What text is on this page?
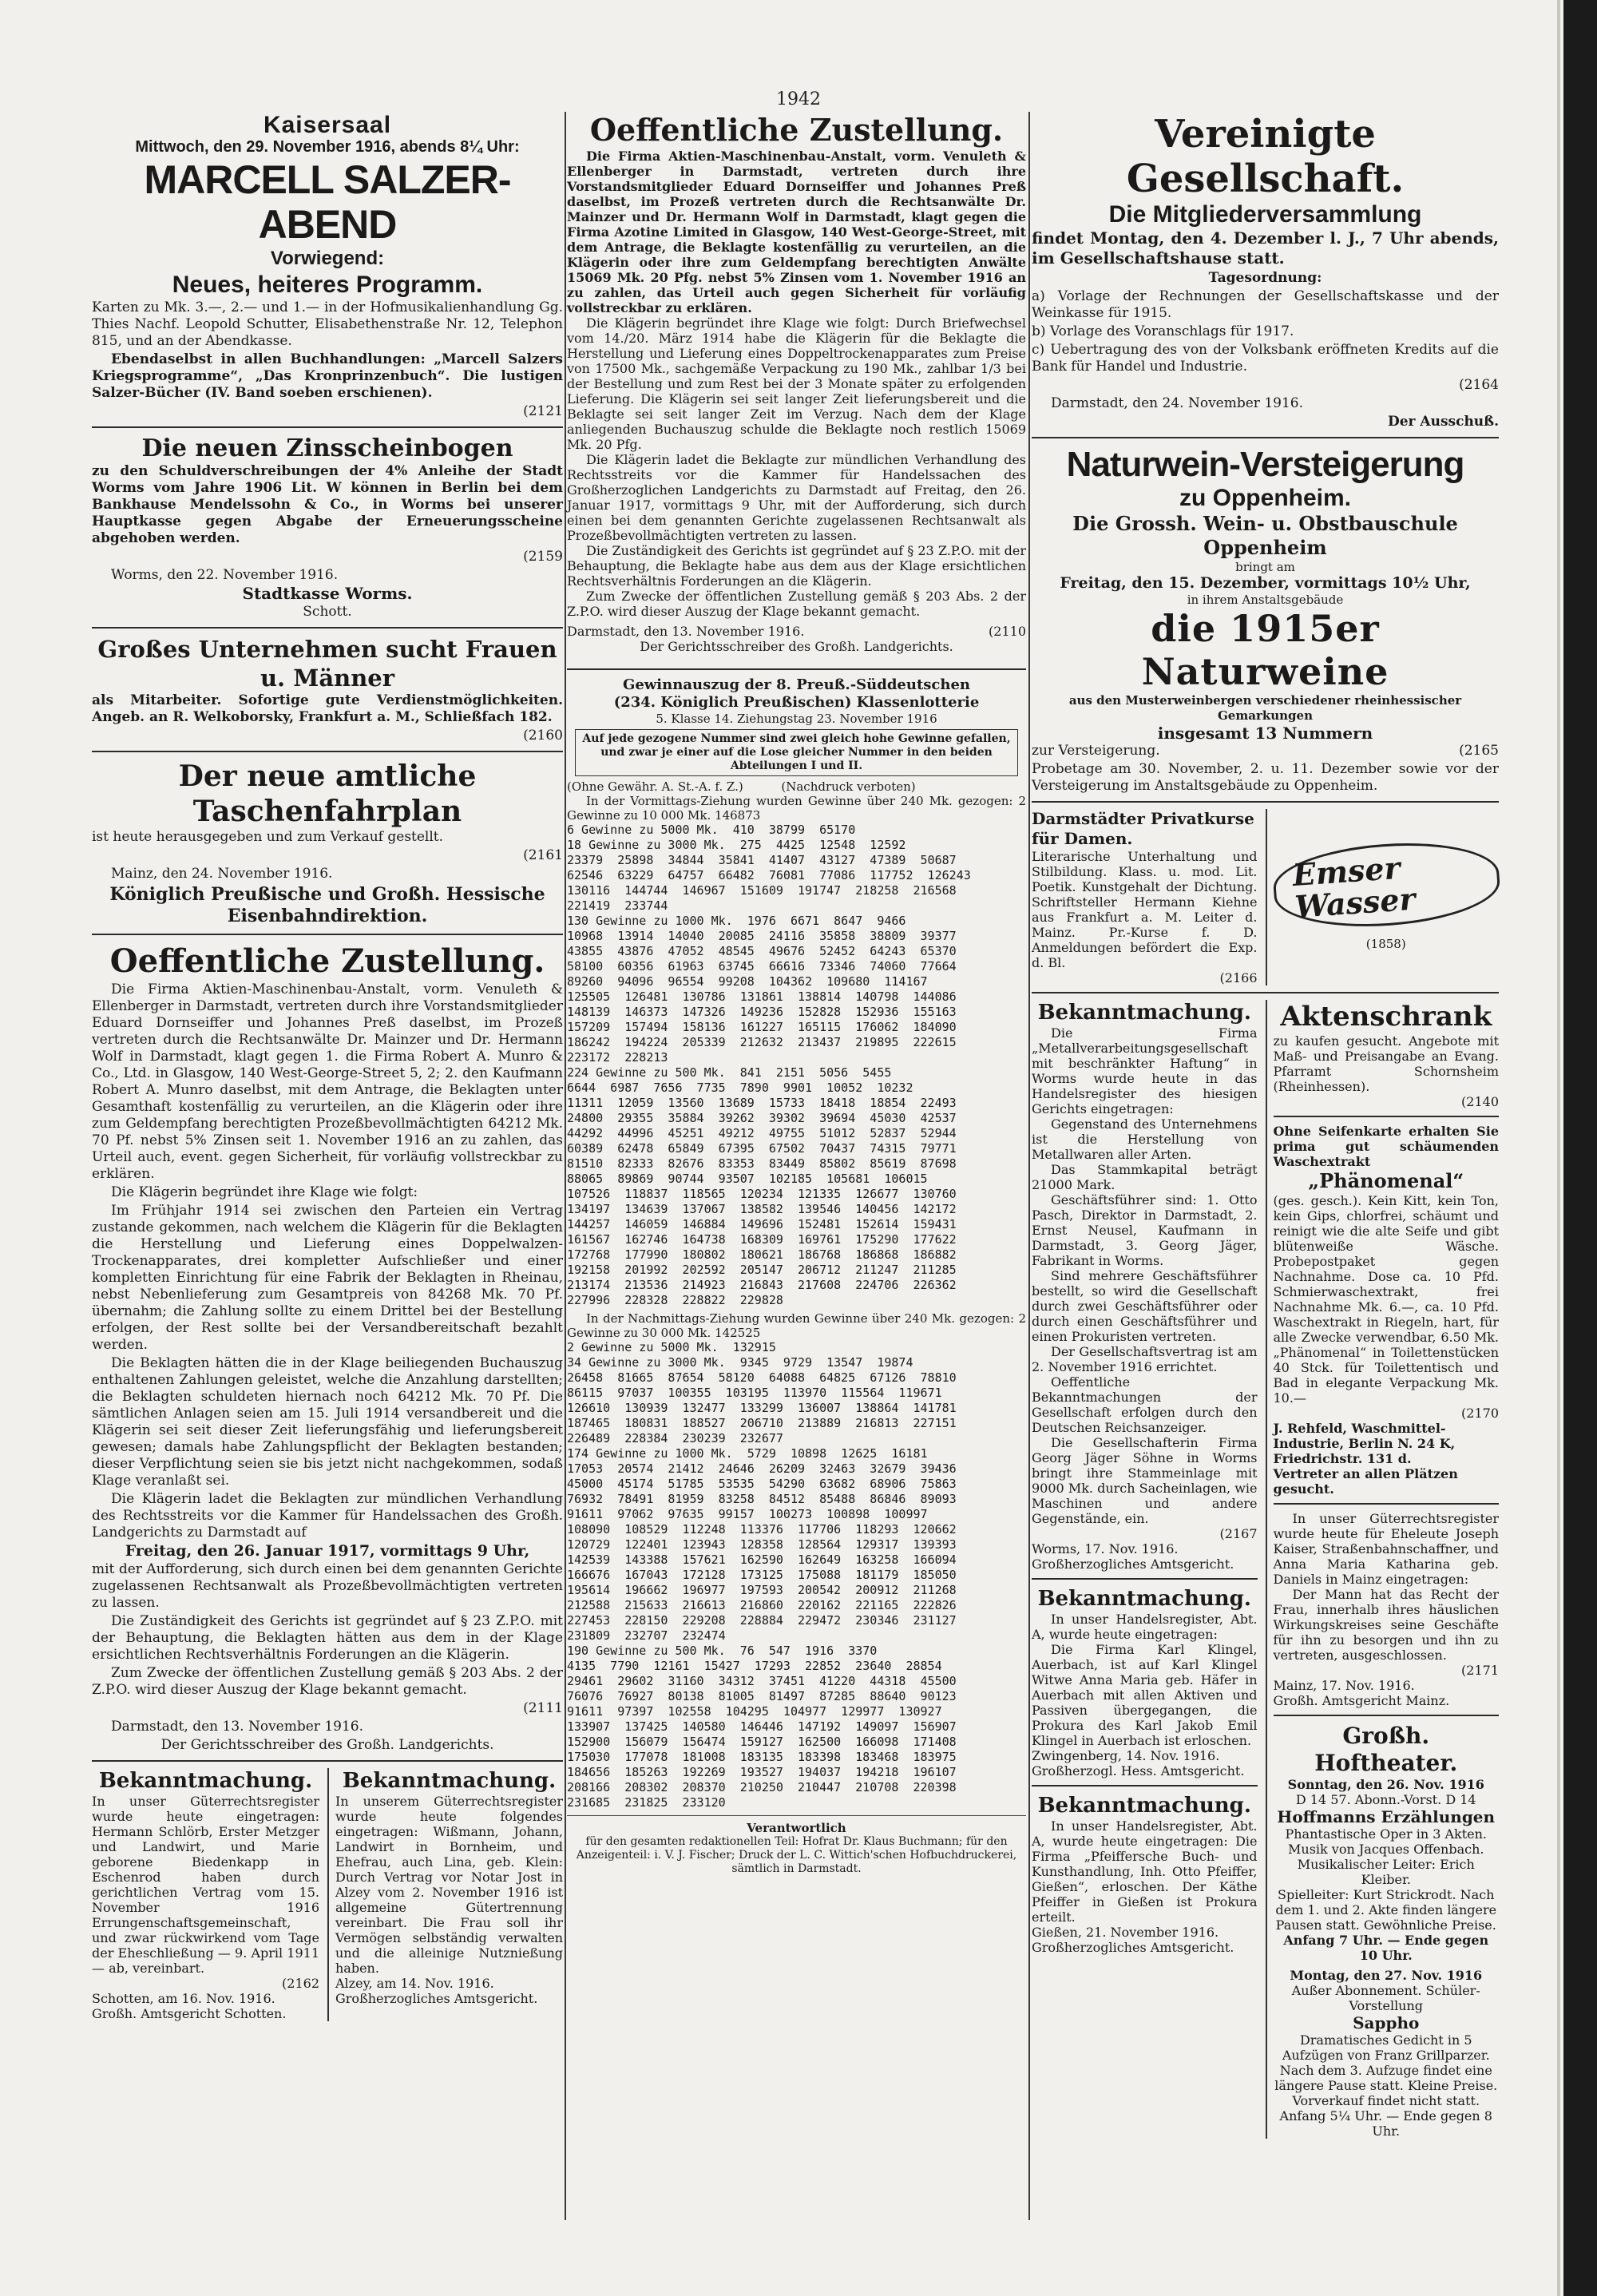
1942
Kaisersaal
Mittwoch, den 29. November 1916, abends 8¼ Uhr:
MARCELL SALZER-ABEND
Vorwiegend:
Neues, heiteres Programm.

Karten zu Mk. 3.—, 2.— und 1.— in der Hofmusikalienhandlung Gg. Thies Nachf. Leopold Schutter, Elisabethenstraße Nr. 12, Telephon 815, und an der Abendkasse.

Ebendaselbst in allen Buchhandlungen: „Marcell Salzers Kriegsprogramme“, „Das Kronprinzenbuch“. Die lustigen Salzer-Bücher (IV. Band soeben erschienen).

(2121
Die neuen Zinsscheinbogen

zu den Schuldverschreibungen der 4% Anleihe der Stadt Worms vom Jahre 1906 Lit. W können in Berlin bei dem Bankhause Mendelssohn & Co., in Worms bei unserer Hauptkasse gegen Abgabe der Erneuerungsscheine abgehoben werden.

(2159
Worms, den 22. November 1916.
Stadtkasse Worms.
Schott.
Großes Unternehmen sucht Frauen u. Männer

als Mitarbeiter. Sofortige gute Verdienstmöglichkeiten. Angeb. an R. Welkoborsky, Frankfurt a. M., Schließfach 182.

(2160
Der neue amtliche Taschenfahrplan

ist heute herausgegeben und zum Verkauf gestellt.

(2161
Mainz, den 24. November 1916.
Königlich Preußische und Großh. Hessische Eisenbahndirektion.
Oeffentliche Zustellung.

Die Firma Aktien-Maschinenbau-Anstalt, vorm. Venuleth & Ellenberger in Darmstadt, vertreten durch ihre Vorstandsmitglieder Eduard Dornseiffer und Johannes Preß daselbst, im Prozeß vertreten durch die Rechtsanwälte Dr. Mainzer und Dr. Hermann Wolf in Darmstadt, klagt gegen 1. die Firma Robert A. Munro & Co., Ltd. in Glasgow, 140 West-George-Street 5, 2; 2. den Kaufmann Robert A. Munro daselbst, mit dem Antrage, die Beklagten unter Gesamthaft kostenfällig zu verurteilen, an die Klägerin oder ihre zum Geldempfang berechtigten Prozeßbevollmächtigten 64212 Mk. 70 Pf. nebst 5% Zinsen seit 1. November 1916 an zu zahlen, das Urteil auch, event. gegen Sicherheit, für vorläufig vollstreckbar zu erklären.

Die Klägerin begründet ihre Klage wie folgt:

Im Frühjahr 1914 sei zwischen den Parteien ein Vertrag zustande gekommen, nach welchem die Klägerin für die Beklagten die Herstellung und Lieferung eines Doppelwalzen-Trockenapparates, drei kompletter Aufschließer und einer kompletten Einrichtung für eine Fabrik der Beklagten in Rheinau, nebst Nebenlieferung zum Gesamtpreis von 84268 Mk. 70 Pf. übernahm; die Zahlung sollte zu einem Drittel bei der Bestellung erfolgen, der Rest sollte bei der Versandbereitschaft bezahlt werden.

Die Beklagten hätten die in der Klage beiliegenden Buchauszug enthaltenen Zahlungen geleistet, welche die Anzahlung darstellten; die Beklagten schuldeten hiernach noch 64212 Mk. 70 Pf. Die sämtlichen Anlagen seien am 15. Juli 1914 versandbereit und die Klägerin sei seit dieser Zeit lieferungsfähig und lieferungsbereit gewesen; damals habe Zahlungspflicht der Beklagten bestanden; dieser Verpflichtung seien sie bis jetzt nicht nachgekommen, sodaß Klage veranlaßt sei.

Die Klägerin ladet die Beklagten zur mündlichen Verhandlung des Rechtsstreits vor die Kammer für Handelssachen des Großh. Landgerichts zu Darmstadt auf

Freitag, den 26. Januar 1917, vormittags 9 Uhr,

mit der Aufforderung, sich durch einen bei dem genannten Gerichte zugelassenen Rechtsanwalt als Prozeßbevollmächtigten vertreten zu lassen.

Die Zuständigkeit des Gerichts ist gegründet auf § 23 Z.P.O. mit der Behauptung, die Beklagten hätten aus dem in der Klage ersichtlichen Rechtsverhältnis Forderungen an die Klägerin.

Zum Zwecke der öffentlichen Zustellung gemäß § 203 Abs. 2 der Z.P.O. wird dieser Auszug der Klage bekannt gemacht.

(2111
Darmstadt, den 13. November 1916.
Der Gerichtsschreiber des Großh. Landgerichts.
Bekanntmachung.

In unser Güterrechtsregister wurde heute eingetragen: Hermann Schlörb, Erster Metzger und Landwirt, und Marie geborene Biedenkapp in Eschenrod haben durch gerichtlichen Vertrag vom 15. November 1916 Errungenschaftsgemeinschaft, und zwar rückwirkend vom Tage der Eheschließung — 9. April 1911 — ab, vereinbart.

(2162
Schotten, am 16. Nov. 1916.
Großh. Amtsgericht Schotten.
Bekanntmachung.

In unserem Güterrechtsregister wurde heute folgendes eingetragen: Wißmann, Johann, Landwirt in Bornheim, und Ehefrau, auch Lina, geb. Klein: Durch Vertrag vor Notar Jost in Alzey vom 2. November 1916 ist allgemeine Gütertrennung vereinbart. Die Frau soll ihr Vermögen selbständig verwalten und die alleinige Nutznießung haben.

Alzey, am 14. Nov. 1916.
Großherzogliches Amtsgericht.
Oeffentliche Zustellung.

Die Firma Aktien-Maschinenbau-Anstalt, vorm. Venuleth & Ellenberger in Darmstadt, vertreten durch ihre Vorstandsmitglieder Eduard Dornseiffer und Johannes Preß daselbst, im Prozeß vertreten durch die Rechtsanwälte Dr. Mainzer und Dr. Hermann Wolf in Darmstadt, klagt gegen die Firma Azotine Limited in Glasgow, 140 West-George-Street, mit dem Antrage, die Beklagte kostenfällig zu verurteilen, an die Klägerin oder ihre zum Geldempfang berechtigten Anwälte 15069 Mk. 20 Pfg. nebst 5% Zinsen vom 1. November 1916 an zu zahlen, das Urteil auch gegen Sicherheit für vorläufig vollstreckbar zu erklären.

Die Klägerin begründet ihre Klage wie folgt: Durch Briefwechsel vom 14./20. März 1914 habe die Klägerin für die Beklagte die Herstellung und Lieferung eines Doppeltrockenapparates zum Preise von 17500 Mk., sachgemäße Verpackung zu 190 Mk., zahlbar 1/3 bei der Bestellung und zum Rest bei der 3 Monate später zu erfolgenden Lieferung. Die Klägerin sei seit langer Zeit lieferungsbereit und die Beklagte sei seit langer Zeit im Verzug. Nach dem der Klage anliegenden Buchauszug schulde die Beklagte noch restlich 15069 Mk. 20 Pfg.

Die Klägerin ladet die Beklagte zur mündlichen Verhandlung des Rechtsstreits vor die Kammer für Handelssachen des Großherzoglichen Landgerichts zu Darmstadt auf Freitag, den 26. Januar 1917, vormittags 9 Uhr, mit der Aufforderung, sich durch einen bei dem genannten Gerichte zugelassenen Rechtsanwalt als Prozeßbevollmächtigten vertreten zu lassen.

Die Zuständigkeit des Gerichts ist gegründet auf § 23 Z.P.O. mit der Behauptung, die Beklagte habe aus dem aus der Klage ersichtlichen Rechtsverhältnis Forderungen an die Klägerin.

Zum Zwecke der öffentlichen Zustellung gemäß § 203 Abs. 2 der Z.P.O. wird dieser Auszug der Klage bekannt gemacht.

Darmstadt, den 13. November 1916.	(2110
Der Gerichtsschreiber des Großh. Landgerichts.
Gewinnauszug der 8. Preuß.-Süddeutschen
(234. Königlich Preußischen) Klassenlotterie
5. Klasse 14. Ziehungstag 23. November 1916
Auf jede gezogene Nummer sind zwei gleich hohe Gewinne gefallen, und zwar je einer auf die Lose gleicher Nummer in den beiden Abteilungen I und II.
(Ohne Gewähr. A. St.-A. f. Z.)          (Nachdruck verboten)
In der Vormittags-Ziehung wurden Gewinne über 240 Mk. gezogen: 2 Gewinne zu 10 000 Mk. 146873
6 Gewinne zu 5000 Mk.  410  38799  65170
18 Gewinne zu 3000 Mk.  275  4425  12548  12592
23379  25898  34844  35841  41407  43127  47389  50687
62546  63229  64757  66482  76081  77086  117752  126243
130116  144744  146967  151609  191747  218258  216568
221419  233744
130 Gewinne zu 1000 Mk.  1976  6671  8647  9466
10968  13914  14040  20085  24116  35858  38809  39377
43855  43876  47052  48545  49676  52452  64243  65370
58100  60356  61963  63745  66616  73346  74060  77664
89260  94096  96554  99208  104362  109680  114167
125505  126481  130786  131861  138814  140798  144086
148139  146373  147326  149236  152828  152936  155163
157209  157494  158136  161227  165115  176062  184090
186242  194224  205339  212632  213437  219895  222615
223172  228213
224 Gewinne zu 500 Mk.  841  2151  5056  5455
6644  6987  7656  7735  7890  9901  10052  10232
11311  12059  13560  13689  15733  18418  18854  22493
24800  29355  35884  39262  39302  39694  45030  42537
44292  44996  45251  49212  49755  51012  52837  52944
60389  62478  65849  67395  67502  70437  74315  79771
81510  82333  82676  83353  83449  85802  85619  87698
88065  89869  90744  93507  102185  105681  106015
107526  118837  118565  120234  121335  126677  130760
134197  134639  137067  138582  139546  140456  142172
144257  146059  146884  149696  152481  152614  159431
161567  162746  164738  168309  169761  175290  177622
172768  177990  180802  180621  186768  186868  186882
192158  201992  202592  205147  206712  211247  211285
213174  213536  214923  216843  217608  224706  226362
227996  228328  228822  229828
In der Nachmittags-Ziehung wurden Gewinne über 240 Mk. gezogen: 2 Gewinne zu 30 000 Mk. 142525
2 Gewinne zu 5000 Mk.  132915
34 Gewinne zu 3000 Mk.  9345  9729  13547  19874
26458  81665  87654  58120  64088  64825  67126  78810
86115  97037  100355  103195  113970  115564  119671
126610  130939  132477  133299  136007  138864  141781
187465  180831  188527  206710  213889  216813  227151
226489  228384  230239  232677
174 Gewinne zu 1000 Mk.  5729  10898  12625  16181
17053  20574  21412  24646  26209  32463  32679  39436
45000  45174  51785  53535  54290  63682  68906  75863
76932  78491  81959  83258  84512  85488  86846  89093
91611  97062  97635  99157  100273  100898  100997
108090  108529  112248  113376  117706  118293  120662
120729  122401  123943  128358  128564  129317  139393
142539  143388  157621  162590  162649  163258  166094
166676  167043  172128  173125  175088  181179  185050
195614  196662  196977  197593  200542  200912  211268
212588  215633  216613  216860  220162  221165  222826
227453  228150  229208  228884  229472  230346  231127
231809  232707  232474
190 Gewinne zu 500 Mk.  76  547  1916  3370
4135  7790  12161  15427  17293  22852  23640  28854
29461  29602  31160  34312  37451  41220  44318  45500
76076  76927  80138  81005  81497  87285  88640  90123
91611  97397  102558  104295  104977  129977  130927
133907  137425  140580  146446  147192  149097  156907
152900  156079  156474  159127  162500  166098  171408
175030  177078  181008  183135  183398  183468  183975
184656  185263  192269  193527  194037  194218  196107
208166  208302  208370  210250  210447  210708  220398
231685  231825  233120
Verantwortlich
für den gesamten redaktionellen Teil: Hofrat Dr. Klaus Buchmann; für den Anzeigenteil: i. V. J. Fischer; Druck der L. C. Wittich'schen Hofbuchdruckerei, sämtlich in Darmstadt.
Vereinigte Gesellschaft.
Die Mitgliederversammlung

findet Montag, den 4. Dezember l. J., 7 Uhr abends, im Gesellschaftshause statt.

Tagesordnung:

a) Vorlage der Rechnungen der Gesellschaftskasse und der Weinkasse für 1915.

b) Vorlage des Voranschlags für 1917.

c) Uebertragung des von der Volksbank eröffneten Kredits auf die Bank für Handel und Industrie.

(2164
Darmstadt, den 24. November 1916.
Der Ausschuß.
Naturwein-Versteigerung
zu Oppenheim.
Die Grossh. Wein- u. Obstbauschule Oppenheim
bringt am
Freitag, den 15. Dezember, vormittags 10½ Uhr,
in ihrem Anstaltsgebäude
die 1915er Naturweine
aus den Musterweinbergen verschiedener rheinhessischer Gemarkungen
insgesamt 13 Nummern
zur Versteigerung.	(2165

Probetage am 30. November, 2. u. 11. Dezember sowie vor der Versteigerung im Anstaltsgebäude zu Oppenheim.

Darmstädter Privatkurse für Damen.

Literarische Unterhaltung und Stilbildung. Klass. u. mod. Lit. Poetik. Kunstgehalt der Dichtung. Schriftsteller Hermann Kiehne aus Frankfurt a. M. Leiter d. Mainz. Pr.-Kurse f. D. Anmeldungen befördert die Exp. d. Bl.

(2166
Emser Wasser
(1858)
Bekanntmachung.

Die Firma „Metallverarbeitungsgesellschaft mit beschränkter Haftung“ in Worms wurde heute in das Handelsregister des hiesigen Gerichts eingetragen:

Gegenstand des Unternehmens ist die Herstellung von Metallwaren aller Arten.

Das Stammkapital beträgt 21000 Mark.

Geschäftsführer sind: 1. Otto Pasch, Direktor in Darmstadt, 2. Ernst Neusel, Kaufmann in Darmstadt, 3. Georg Jäger, Fabrikant in Worms.

Sind mehrere Geschäftsführer bestellt, so wird die Gesellschaft durch zwei Geschäftsführer oder durch einen Geschäftsführer und einen Prokuristen vertreten.

Der Gesellschaftsvertrag ist am 2. November 1916 errichtet.

Oeffentliche Bekanntmachungen der Gesellschaft erfolgen durch den Deutschen Reichsanzeiger.

Die Gesellschafterin Firma Georg Jäger Söhne in Worms bringt ihre Stammeinlage mit 9000 Mk. durch Sacheinlagen, wie Maschinen und andere Gegenstände, ein.

(2167
Worms, 17. Nov. 1916.
Großherzogliches Amtsgericht.
Bekanntmachung.

In unser Handelsregister, Abt. A, wurde heute eingetragen:

Die Firma Karl Klingel, Auerbach, ist auf Karl Klingel Witwe Anna Maria geb. Häfer in Auerbach mit allen Aktiven und Passiven übergegangen, die Prokura des Karl Jakob Emil Klingel in Auerbach ist erloschen.

Zwingenberg, 14. Nov. 1916.
Großherzogl. Hess. Amtsgericht.
Bekanntmachung.

In unser Handelsregister, Abt. A, wurde heute eingetragen: Die Firma „Pfeiffersche Buch- und Kunsthandlung, Inh. Otto Pfeiffer, Gießen“, erloschen. Der Käthe Pfeiffer in Gießen ist Prokura erteilt.

Gießen, 21. November 1916.
Großherzogliches Amtsgericht.
Aktenschrank

zu kaufen gesucht. Angebote mit Maß- und Preisangabe an Evang. Pfarramt Schornsheim (Rheinhessen).

(2140

Ohne Seifenkarte erhalten Sie prima gut schäumenden Waschextrakt

„Phänomenal“

(ges. gesch.). Kein Kitt, kein Ton, kein Gips, chlorfrei, schäumt und reinigt wie die alte Seife und gibt blütenweiße Wäsche. Probepostpaket gegen Nachnahme. Dose ca. 10 Pfd. Schmierwaschextrakt, frei Nachnahme Mk. 6.—, ca. 10 Pfd. Waschextrakt in Riegeln, hart, für alle Zwecke verwendbar, 6.50 Mk. „Phänomenal“ in Toilettenstücken 40 Stck. für Toilettentisch und Bad in elegante Verpackung Mk. 10.—

(2170

J. Rehfeld, Waschmittel-Industrie, Berlin N. 24 K, Friedrichstr. 131 d.

Vertreter an allen Plätzen gesucht.

In unser Güterrechtsregister wurde heute für Eheleute Joseph Kaiser, Straßenbahnschaffner, und Anna Maria Katharina geb. Daniels in Mainz eingetragen:

Der Mann hat das Recht der Frau, innerhalb ihres häuslichen Wirkungskreises seine Geschäfte für ihn zu besorgen und ihn zu vertreten, ausgeschlossen.

(2171
Mainz, 17. Nov. 1916.
Großh. Amtsgericht Mainz.
Großh. Hoftheater.
Sonntag, den 26. Nov. 1916
D 14 57. Abonn.-Vorst. D 14
Hoffmanns Erzählungen
Phantastische Oper in 3 Akten. Musik von Jacques Offenbach.
Musikalischer Leiter: Erich Kleiber.
Spielleiter: Kurt Strickrodt. Nach dem 1. und 2. Akte finden längere Pausen statt. Gewöhnliche Preise.
Anfang 7 Uhr. — Ende gegen 10 Uhr.
Montag, den 27. Nov. 1916
Außer Abonnement. Schüler-Vorstellung
Sappho
Dramatisches Gedicht in 5 Aufzügen von Franz Grillparzer. Nach dem 3. Aufzuge findet eine längere Pause statt. Kleine Preise. Vorverkauf findet nicht statt. Anfang 5¼ Uhr. — Ende gegen 8 Uhr.
